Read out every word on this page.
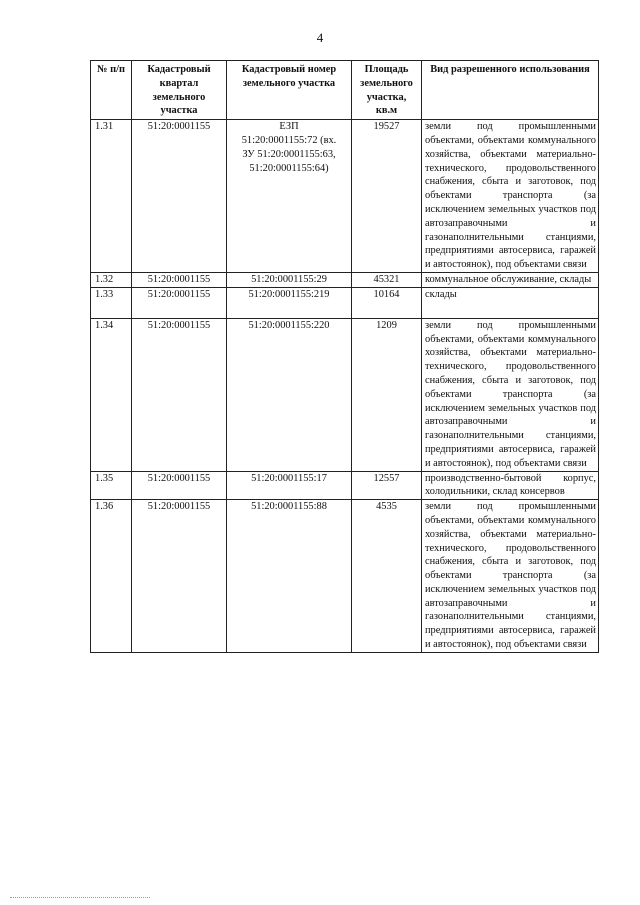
4
№ п/п	Кадастровый квартал земельного участка	Кадастровый номер земельного участка	Площадь земельного участка, кв.м	Вид разрешенного использования
1.31	51:20:0001155	ЕЗП 51:20:0001155:72 (вх. ЗУ 51:20:0001155:63, 51:20:0001155:64)	19527	земли под промышленными объектами, объектами коммунального хозяйства, объектами материально-технического, продовольственного снабжения, сбыта и заготовок, под объектами транспорта (за исключением земельных участков под автозаправочными и газонаполнительными станциями, предприятиями автосервиса, гаражей и автостоянок), под объектами связи
1.32	51:20:0001155	51:20:0001155:29	45321	коммунальное обслуживание, склады
1.33	51:20:0001155	51:20:0001155:219	10164	склады
1.34	51:20:0001155	51:20:0001155:220	1209	земли под промышленными объектами, объектами коммунального хозяйства, объектами материально-технического, продовольственного снабжения, сбыта и заготовок, под объектами транспорта (за исключением земельных участков под автозаправочными и газонаполнительными станциями, предприятиями автосервиса, гаражей и автостоянок), под объектами связи
1.35	51:20:0001155	51:20:0001155:17	12557	производственно-бытовой корпус, холодильники, склад консервов
1.36	51:20:0001155	51:20:0001155:88	4535	земли под промышленными объектами, объектами коммунального хозяйства, объектами материально-технического, продовольственного снабжения, сбыта и заготовок, под объектами транспорта (за исключением земельных участков под автозаправочными и газонаполнительными станциями, предприятиями автосервиса, гаражей и автостоянок), под объектами связи
